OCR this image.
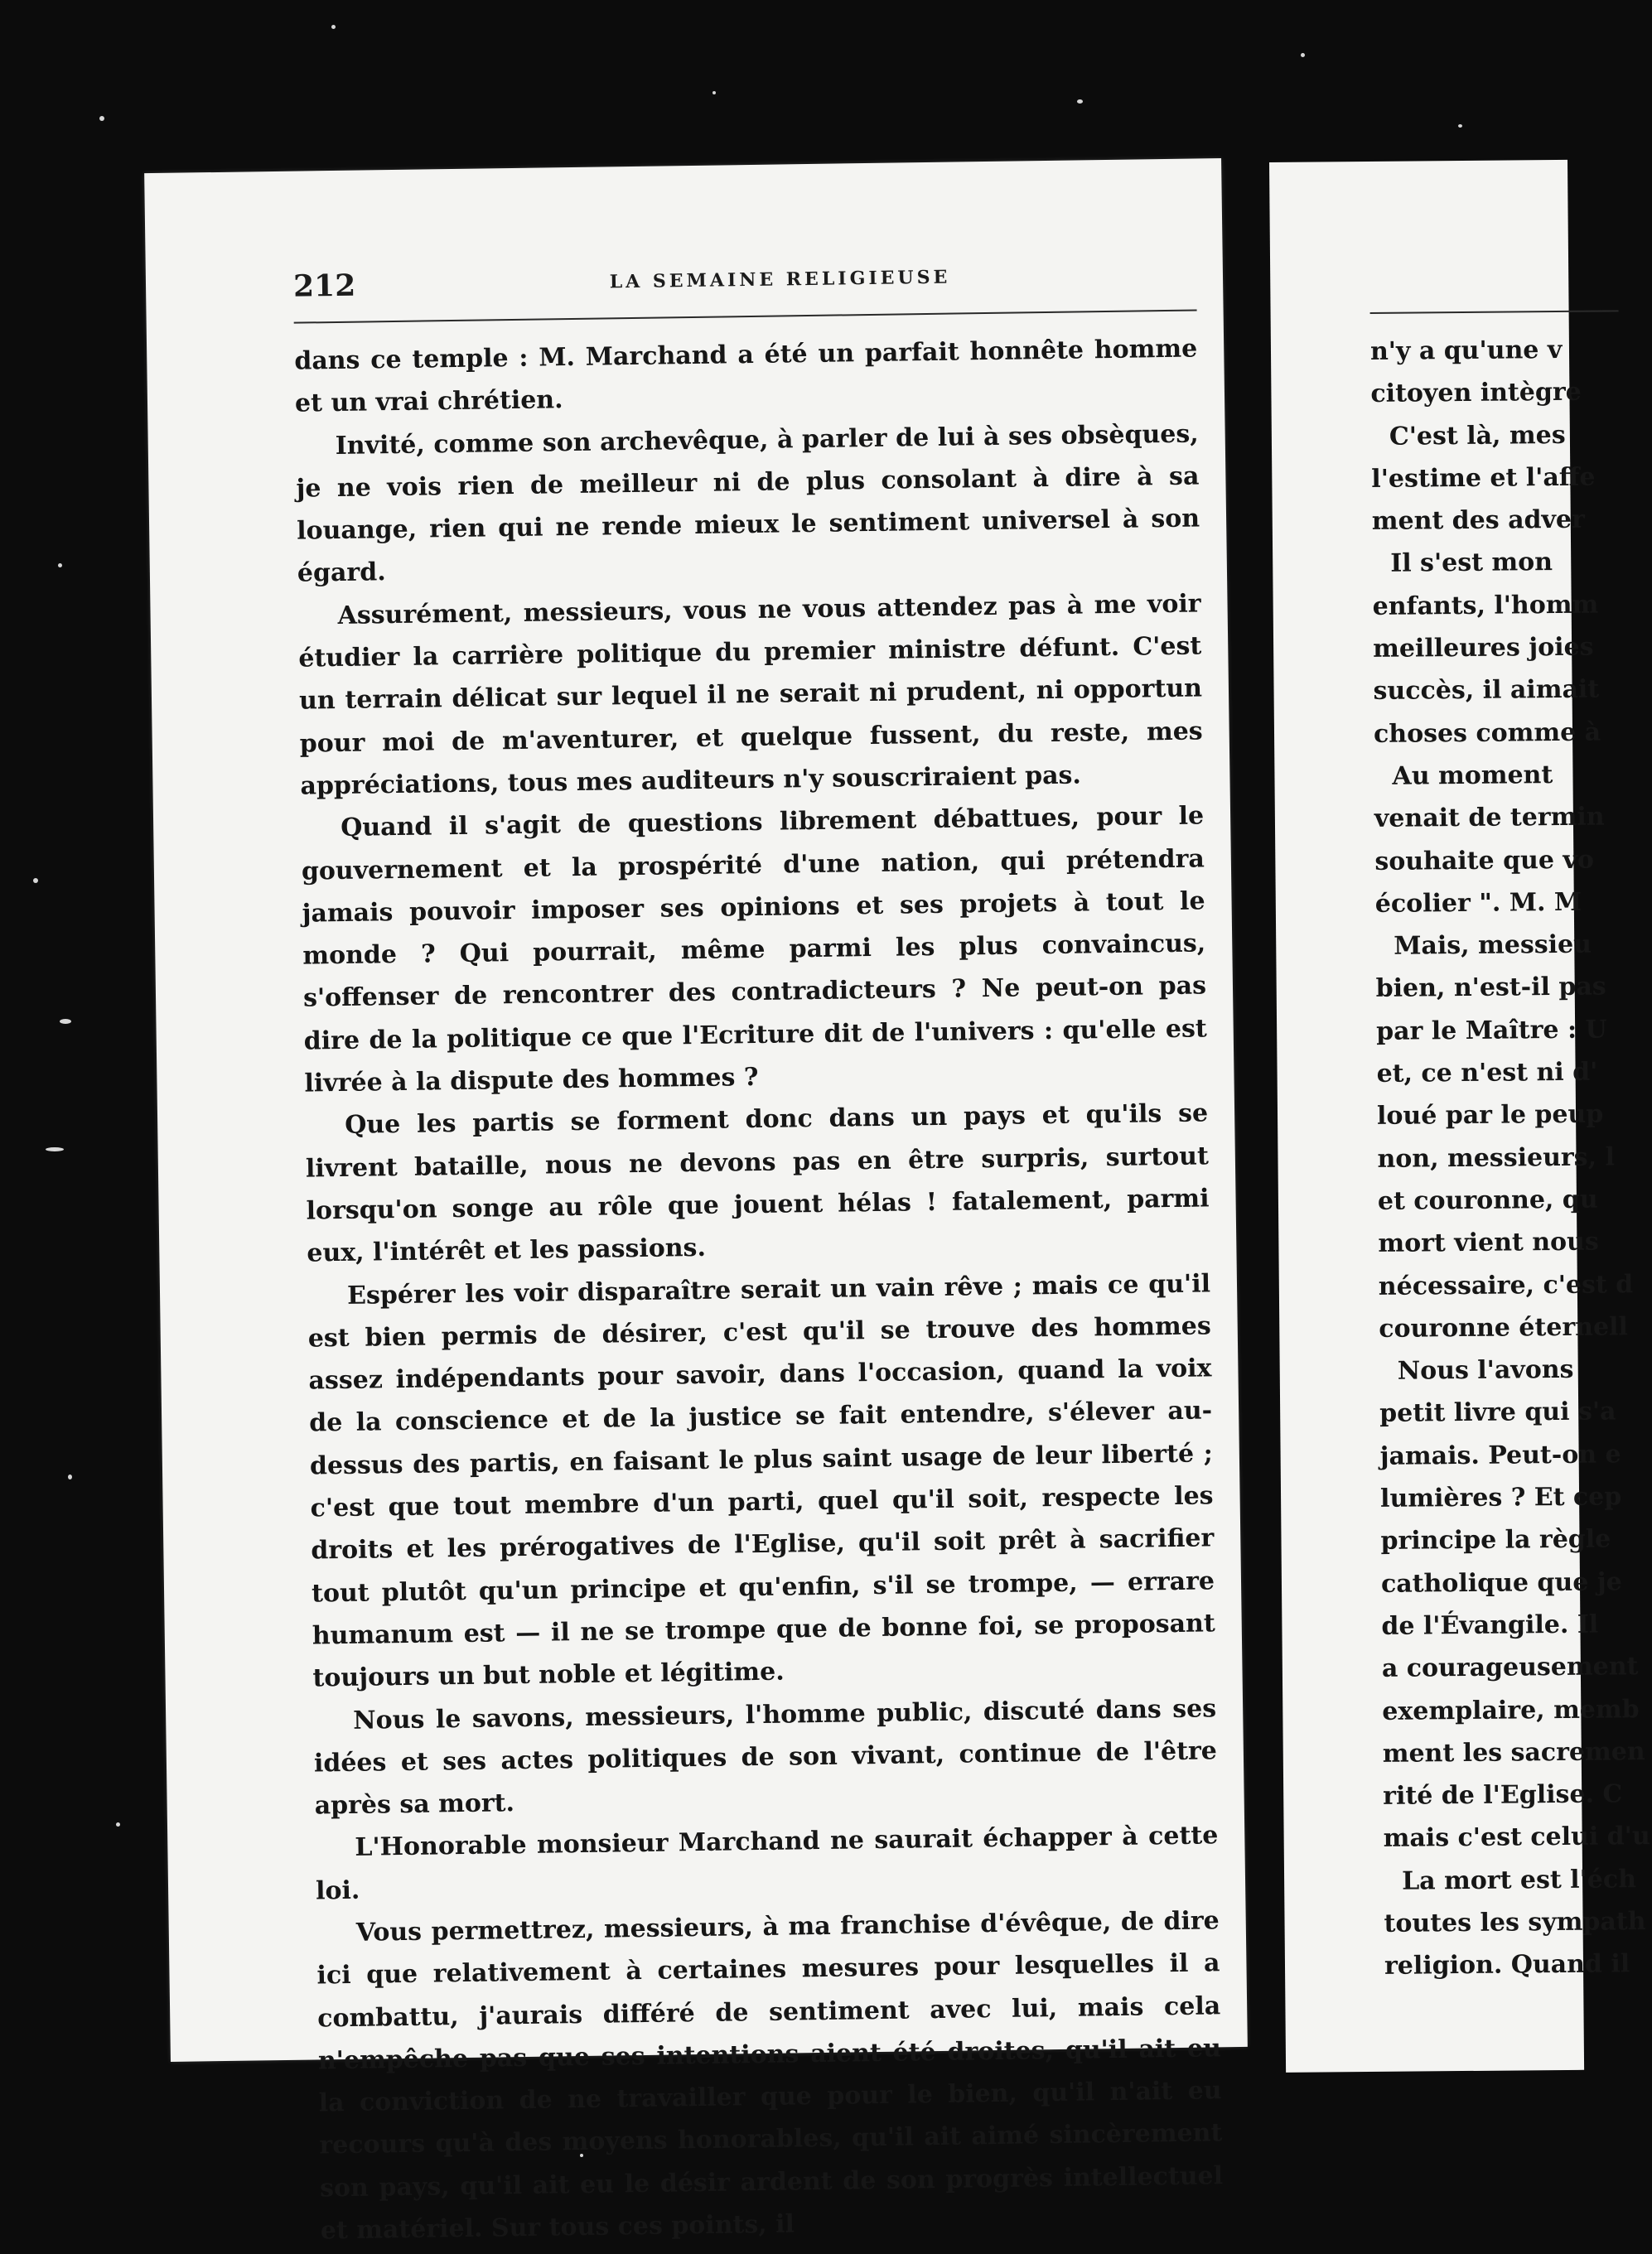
212	LA SEMAINE RELIGIEUSE

dans ce temple : M. Marchand a été un parfait honnête homme et un vrai chrétien.

Invité, comme son archevêque, à parler de lui à ses obsèques, je ne vois rien de meilleur ni de plus consolant à dire à sa louange, rien qui ne rende mieux le sentiment universel à son égard.

Assurément, messieurs, vous ne vous attendez pas à me voir étudier la carrière politique du premier ministre défunt. C'est un terrain délicat sur lequel il ne serait ni prudent, ni opportun pour moi de m'aventurer, et quelque fussent, du reste, mes appréciations, tous mes auditeurs n'y souscriraient pas.

Quand il s'agit de questions librement débattues, pour le gouvernement et la prospérité d'une nation, qui prétendra jamais pouvoir imposer ses opinions et ses projets à tout le monde ? Qui pourrait, même parmi les plus convaincus, s'offenser de rencontrer des contradicteurs ? Ne peut-on pas dire de la politique ce que l'Ecriture dit de l'univers : qu'elle est livrée à la dispute des hommes ?

Que les partis se forment donc dans un pays et qu'ils se livrent bataille, nous ne devons pas en être surpris, surtout lorsqu'on songe au rôle que jouent hélas ! fatalement, parmi eux, l'intérêt et les passions.

Espérer les voir disparaître serait un vain rêve ; mais ce qu'il est bien permis de désirer, c'est qu'il se trouve des hommes assez indépendants pour savoir, dans l'occasion, quand la voix de la conscience et de la justice se fait entendre, s'élever au-dessus des partis, en faisant le plus saint usage de leur liberté ; c'est que tout membre d'un parti, quel qu'il soit, respecte les droits et les prérogatives de l'Eglise, qu'il soit prêt à sacrifier tout plutôt qu'un principe et qu'enfin, s'il se trompe, — errare humanum est — il ne se trompe que de bonne foi, se proposant toujours un but noble et légitime.

Nous le savons, messieurs, l'homme public, discuté dans ses idées et ses actes politiques de son vivant, continue de l'être après sa mort.

L'Honorable monsieur Marchand ne saurait échapper à cette loi.

Vous permettrez, messieurs, à ma franchise d'évêque, de dire ici que relativement à certaines mesures pour lesquelles il a combattu, j'aurais différé de sentiment avec lui, mais cela n'empêche pas que ses intentions aient été droites, qu'il ait eu la conviction de ne travailler que pour le bien, qu'il n'ait eu recours qu'à des moyens honorables, qu'il ait aimé sincèrement son pays, qu'il ait eu le désir ardent de son progrès intellectuel et matériel. Sur tous ces points, il

n'y a qu'une v
citoyen intègre
C'est là, mes
l'estime et l'affe
ment des adver
Il s'est mon
enfants, l'homm
meilleures joies
succès, il aimait
choses comme à
Au moment
venait de termin
souhaite que vo
écolier ". M. M
Mais, messieu
bien, n'est-il pas
par le Maître : U
et, ce n'est ni d'
loué par le peup
non, messieurs, l
et couronne, qu
mort vient nous
nécessaire, c'est d
couronne éternell
Nous l'avons
petit livre qui s'a
jamais. Peut-on e
lumières ? Et cep
principe la règle
catholique que je
de l'Évangile. Il
a courageusement
exemplaire, memb
ment les sacremen
rité de l'Eglise. C
mais c'est celui d'u
La mort est l'éch
toutes les sympath
religion. Quand il
